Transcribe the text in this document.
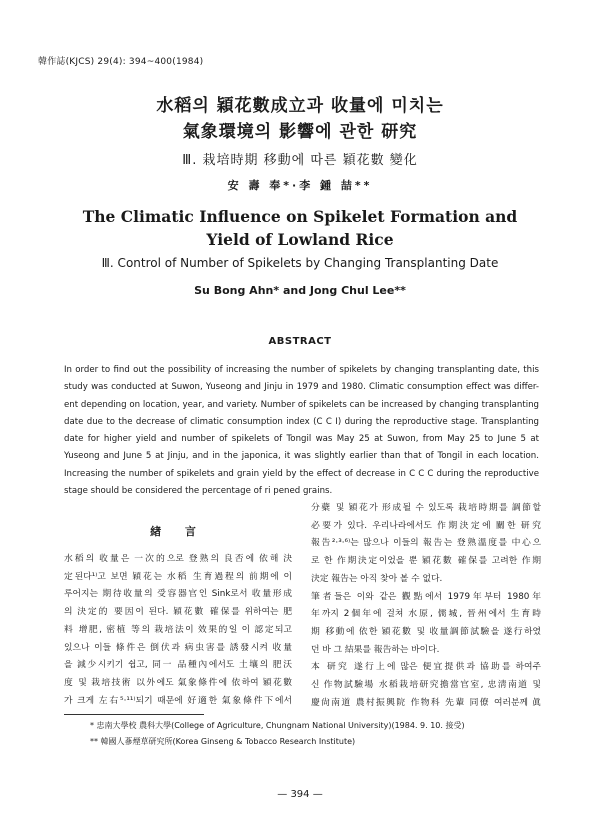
韓作誌(KJCS) 29(4): 394~400(1984)
水稻의 穎花數成立과 收量에 미치는
氣象環境의 影響에 관한 研究
Ⅲ. 栽培時期 移動에 따른 穎花數 變化
安 壽 奉*·李 鍾 喆**
The Climatic Influence on Spikelet Formation and
Yield of Lowland Rice
Ⅲ. Control of Number of Spikelets by Changing Transplanting Date
Su Bong Ahn* and Jong Chul Lee**
ABSTRACT
In order to find out the possibility of increasing the number of spikelets by changing transplanting date, this
study was conducted at Suwon, Yuseong and Jinju in 1979 and 1980. Climatic consumption effect was differ-
ent depending on location, year, and variety. Number of spikelets can be increased by changing transplanting
date due to the decrease of climatic consumption index (C C I) during the reproductive stage. Transplanting
date for higher yield and number of spikelets of Tongil was May 25 at Suwon, from May 25 to June 5 at
Yuseong and June 5 at Jinju, and in the japonica, it was slightly earlier than that of Tongil in each location.
Increasing the number of spikelets and grain yield by the effect of decrease in C C C during the reproductive
stage should be considered the percentage of ri pened grains.
緖 言
水稻의 收量은 一次的으로 登熟의 良否에 依해 決
定된다¹⁾고 보면 穎花는 水稻 生育過程의 前期에 이
루어지는 期待收量의 受容器官인 Sink로서 收量形成
의 決定的 要因이 된다. 穎花數 確保를 위하여는 肥
料 增肥, 密植 等의 栽培法이 效果的일 이 認定되고
있으나 이들 條件은 倒伏과 病虫害를 誘發시켜 收量
을 減少시키기 쉽고, 同一 品種內에서도 土壤의 肥沃
度 및 栽培技術 以外에도 氣象條件에 依하여 穎花數
가 크게 左右⁵·¹¹⁾되기 때문에 好適한 氣象條件下에서
分蘗 및 穎花가 形成될 수 있도록 栽培時期를 調節할
必要가 있다. 우리나라에서도 作期決定에 關한 研究
報告²·³·⁶⁾는 많으나 이들의 報告는 登熟溫度를 中心으
로 한 作期決定이었을 뿐 穎花數 確保를 고려한 作期
決定 報告는 아직 찾아 볼 수 없다.
筆者들은 이와 같은 觀點에서 1979年부터 1980年
年까지 2個年에 걸쳐 水原, 儒城, 晉州에서 生育時
期 移動에 依한 穎花數 및 收量調節試驗을 遂行하였
던 바 그 結果를 報告하는 바이다.
本 研究 遂行上에 많은 便宜提供과 協助를 하여주
신 作物試驗場 水稻栽培研究擔當官室, 忠淸南道 및
慶尙南道 農村振興院 作物科 先輩 同僚 여러분께 眞
* 忠南大學校 農科大學(College of Agriculture, Chungnam National University)(1984. 9. 10. 接受)
** 韓國人蔘煙草研究所(Korea Ginseng & Tobacco Research Institute)
— 394 —
